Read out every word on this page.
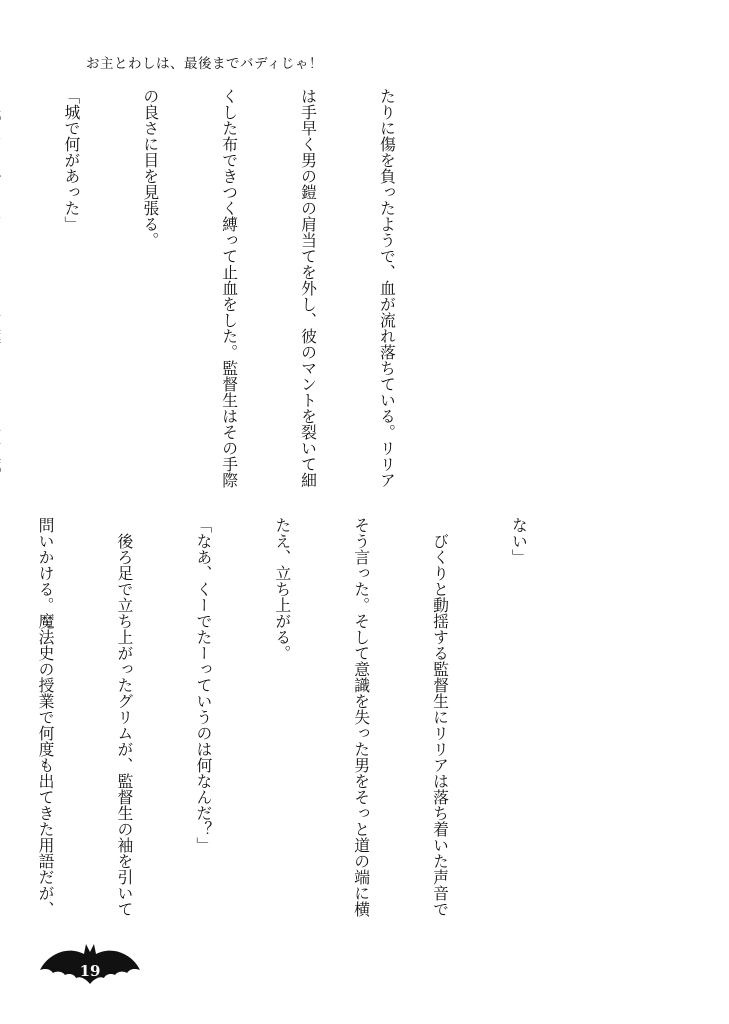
お主とわしは、最後までバディじゃ！

たりに傷を負ったようで、血が流れ落ちている。リリア

は手早く男の鎧の肩当てを外し、彼のマントを裂いて細

くした布できつく縛って止血をした。監督生はその手際

の良さに目を見張る。

「城で何があった」

ない」

　びくりと動揺する監督生にリリアは落ち着いた声音で

そう言った。そして意識を失った男をそっと道の端に横

たえ、立ち上がる。

「なあ、くーでたーっていうのは何なんだ？」

　後ろ足で立ち上がったグリムが、監督生の袖を引いて

問いかける。魔法史の授業で何度も出てきた用語だが、

19
